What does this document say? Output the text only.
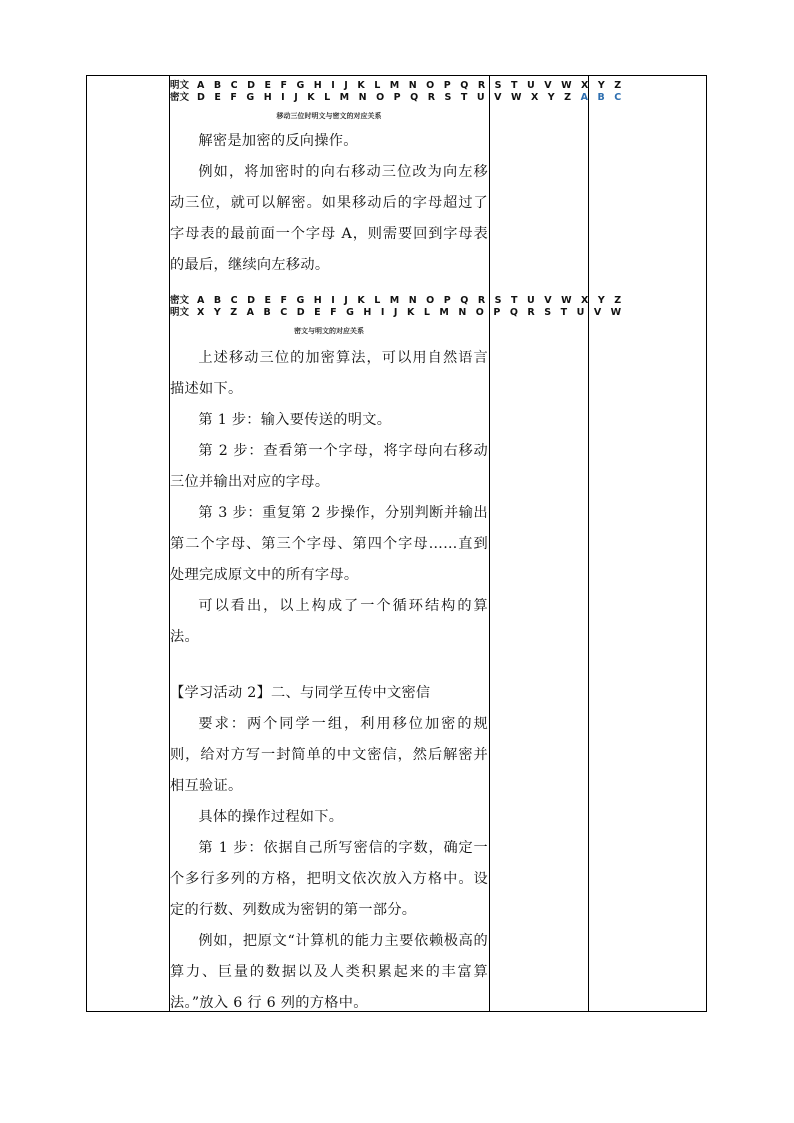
明文 A B C D E F G H I J K L M N O P Q R S T U V W X Y Z
密文 D E F G H I J K L M N O P Q R S T U V W X Y Z A B C
移动三位时明文与密文的对应关系

解密是加密的反向操作。

例如，将加密时的向右移动三位改为向左移动三位，就可以解密。如果移动后的字母超过了字母表的最前面一个字母 A，则需要回到字母表的最后，继续向左移动。

密文 A B C D E F G H I J K L M N O P Q R S T U V W X Y Z
明文 X Y Z A B C D E F G H I J K L M N O P Q R S T U V W
密文与明文的对应关系

上述移动三位的加密算法，可以用自然语言描述如下。

第 1 步：输入要传送的明文。

第 2 步：查看第一个字母，将字母向右移动三位并输出对应的字母。

第 3 步：重复第 2 步操作，分别判断并输出第二个字母、第三个字母、第四个字母……直到处理完成原文中的所有字母。

可以看出，以上构成了一个循环结构的算法。

【学习活动 2】二、与同学互传中文密信

要求：两个同学一组，利用移位加密的规则，给对方写一封简单的中文密信，然后解密并相互验证。

具体的操作过程如下。

第 1 步：依据自己所写密信的字数，确定一个多行多列的方格，把明文依次放入方格中。设定的行数、列数成为密钥的第一部分。

例如，把原文“计算机的能力主要依赖极高的算力、巨量的数据以及人类积累起来的丰富算法。”放入 6 行 6 列的方格中。
